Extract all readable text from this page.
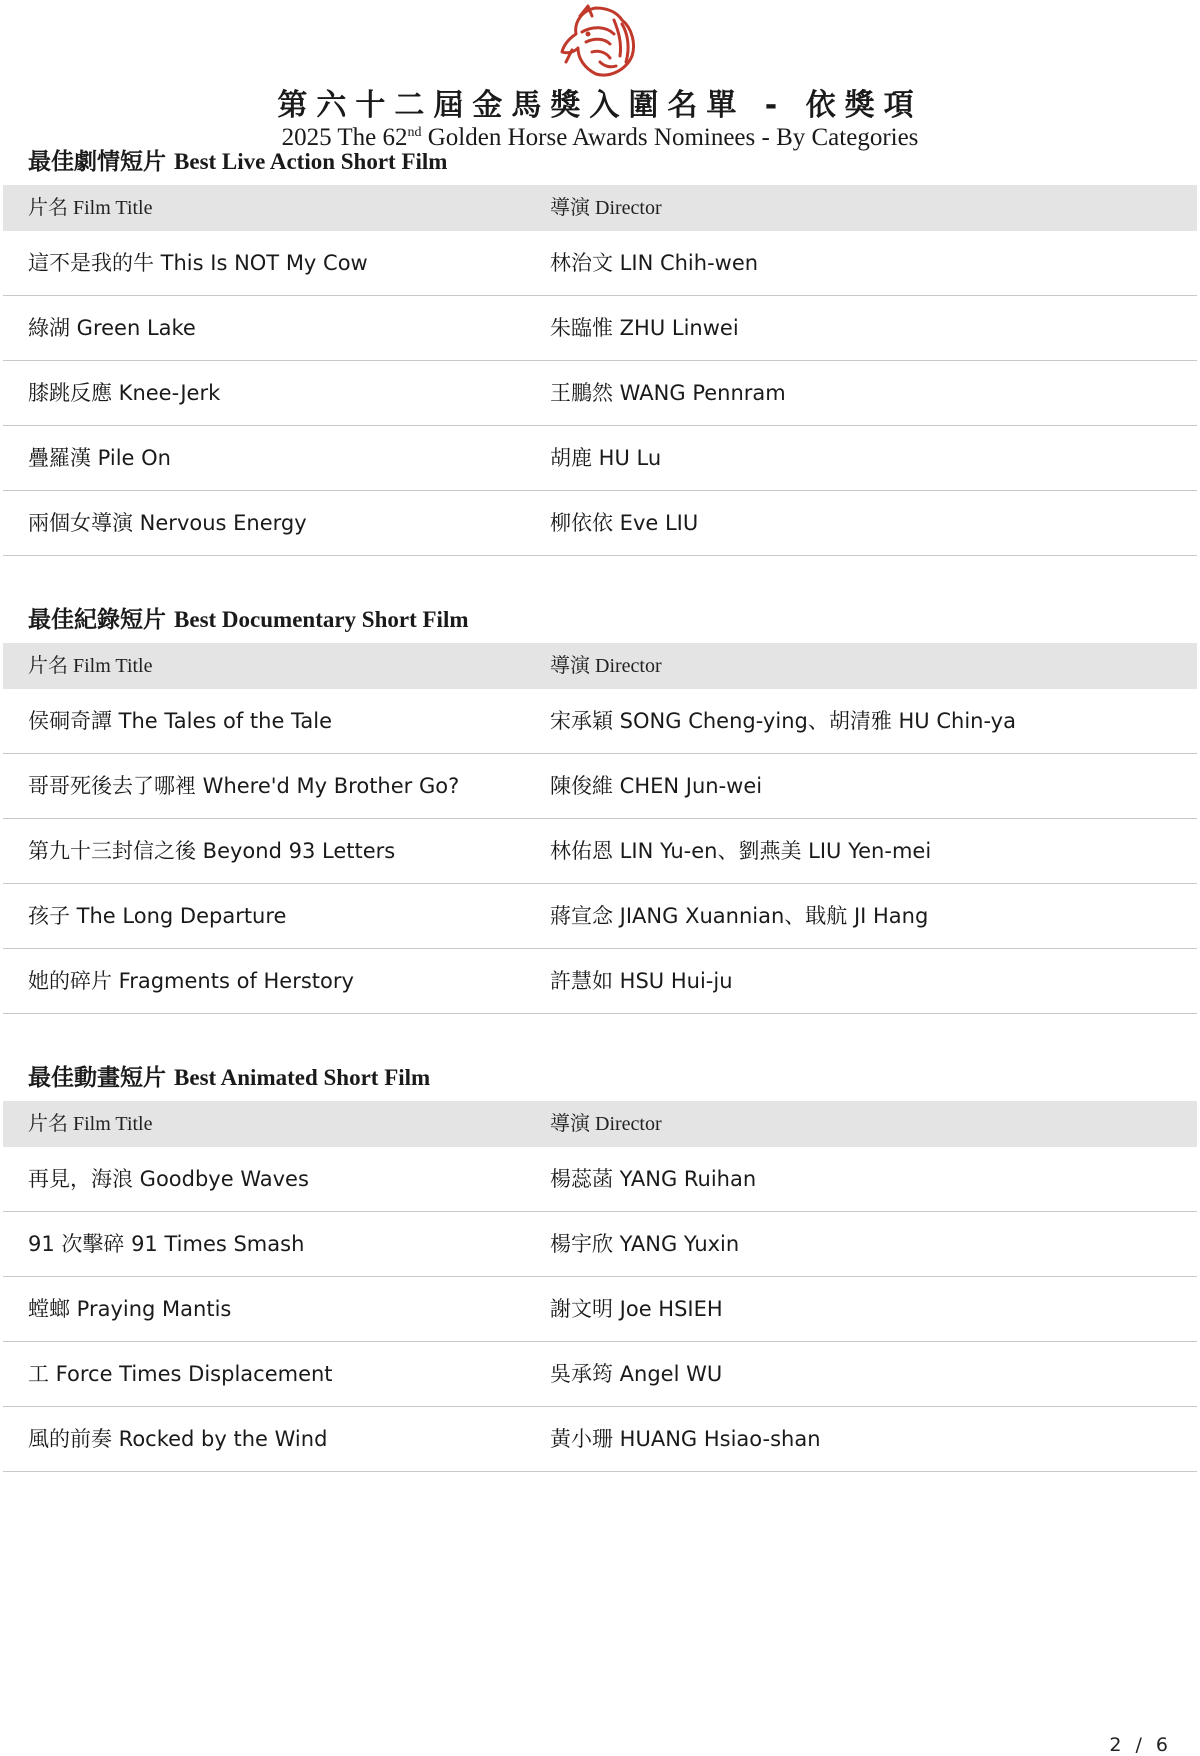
第六十二屆金馬獎入圍名單 - 依獎項
2025 The 62nd Golden Horse Awards Nominees - By Categories
最佳劇情短片 Best Live Action Short Film
片名 Film Title	導演 Director
這不是我的牛 This Is NOT My Cow	林治文 LIN Chih-wen
綠湖 Green Lake	朱臨惟 ZHU Linwei
膝跳反應 Knee-Jerk	王鵬然 WANG Pennram
疊羅漢 Pile On	胡鹿 HU Lu
兩個女導演 Nervous Energy	柳依依 Eve LIU
最佳紀錄短片 Best Documentary Short Film
片名 Film Title	導演 Director
侯硐奇譚 The Tales of the Tale	宋承穎 SONG Cheng-ying、胡清雅 HU Chin-ya
哥哥死後去了哪裡 Where'd My Brother Go?	陳俊維 CHEN Jun-wei
第九十三封信之後 Beyond 93 Letters	林佑恩 LIN Yu-en、劉燕美 LIU Yen-mei
孩子 The Long Departure	蔣宣念 JIANG Xuannian、戢航 JI Hang
她的碎片 Fragments of Herstory	許慧如 HSU Hui-ju
最佳動畫短片 Best Animated Short Film
片名 Film Title	導演 Director
再見，海浪 Goodbye Waves	楊蕊菡 YANG Ruihan
91 次擊碎 91 Times Smash	楊宇欣 YANG Yuxin
螳螂 Praying Mantis	謝文明 Joe HSIEH
工 Force Times Displacement	吳承筠 Angel WU
風的前奏 Rocked by the Wind	黃小珊 HUANG Hsiao-shan
2 / 6
